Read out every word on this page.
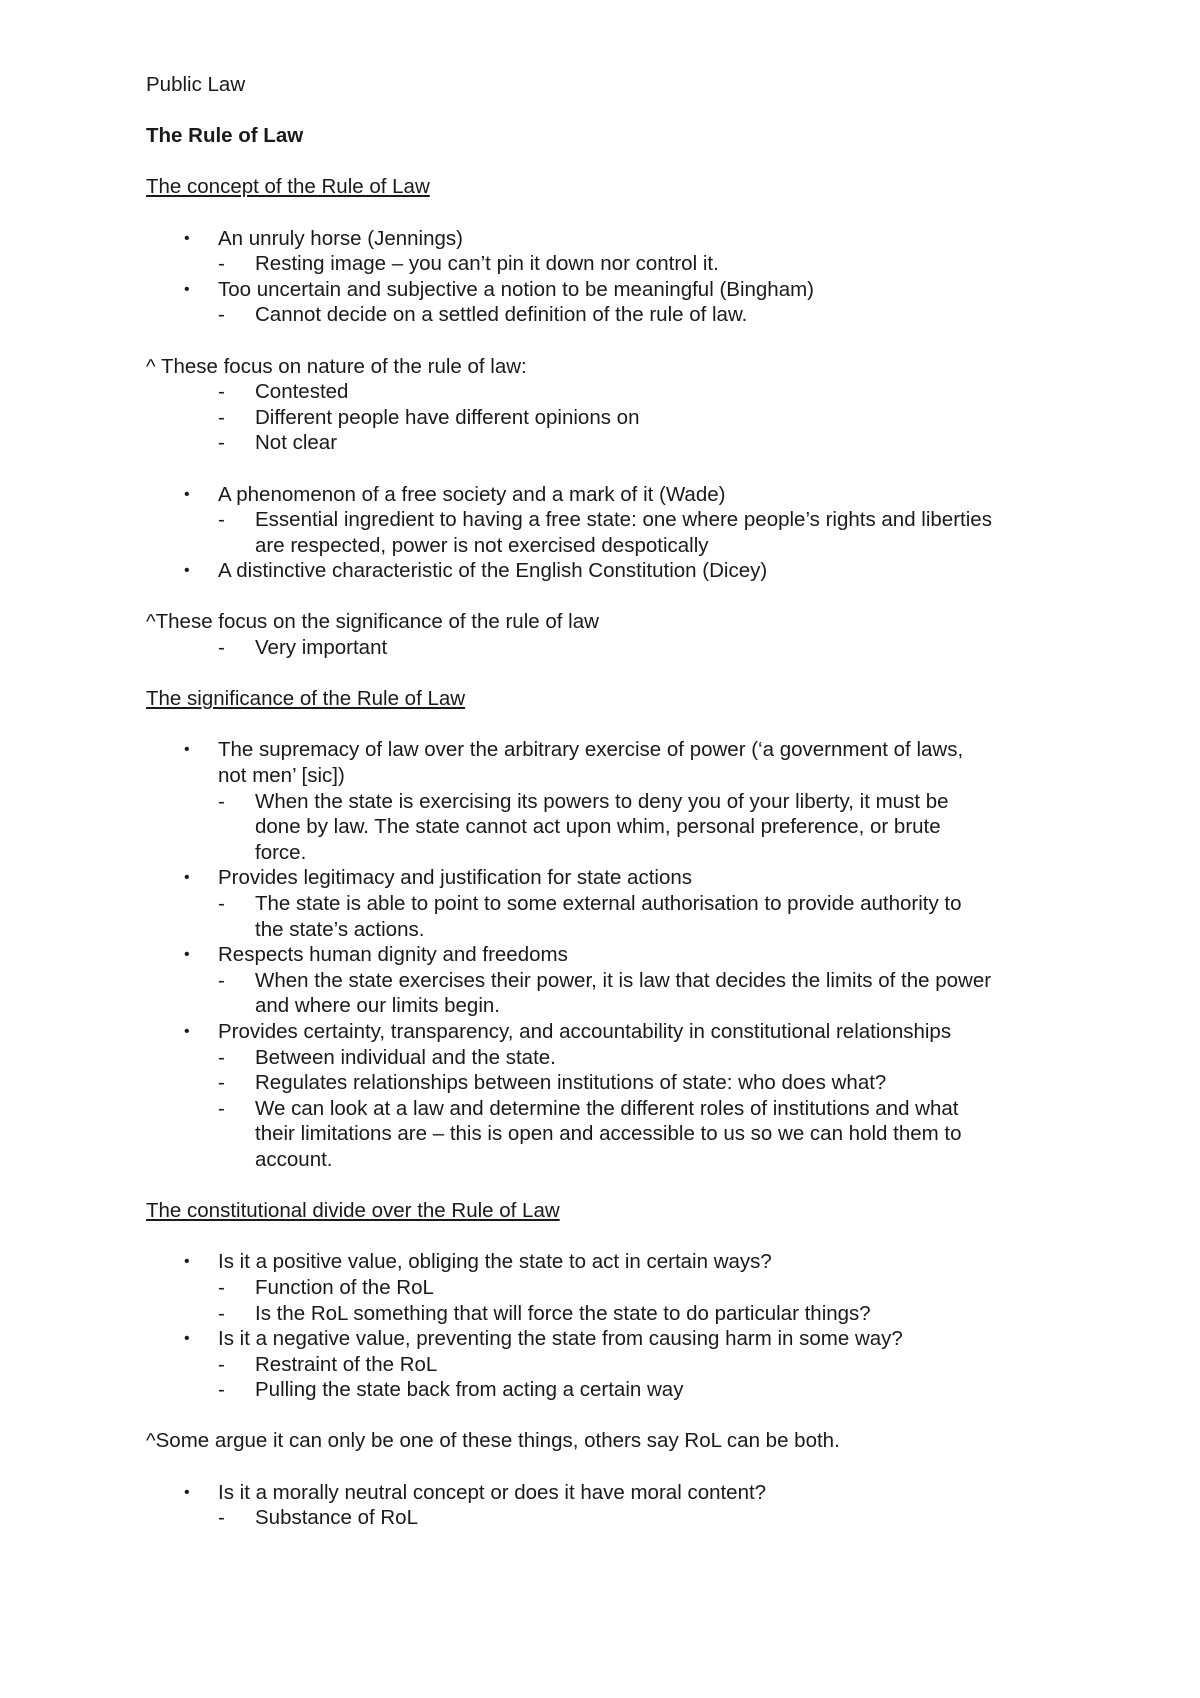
Public Law
The Rule of Law
The concept of the Rule of Law
• An unruly horse (Jennings)
- Resting image – you can’t pin it down nor control it.
• Too uncertain and subjective a notion to be meaningful (Bingham)
- Cannot decide on a settled definition of the rule of law.
^ These focus on nature of the rule of law:
- Contested
- Different people have different opinions on
- Not clear
• A phenomenon of a free society and a mark of it (Wade)
- Essential ingredient to having a free state: one where people’s rights and liberties
are respected, power is not exercised despotically
• A distinctive characteristic of the English Constitution (Dicey)
^These focus on the significance of the rule of law
- Very important
The significance of the Rule of Law
• The supremacy of law over the arbitrary exercise of power (‘a government of laws,
not men’ [sic])
- When the state is exercising its powers to deny you of your liberty, it must be
done by law. The state cannot act upon whim, personal preference, or brute
force.
• Provides legitimacy and justification for state actions
- The state is able to point to some external authorisation to provide authority to
the state’s actions.
• Respects human dignity and freedoms
- When the state exercises their power, it is law that decides the limits of the power
and where our limits begin.
• Provides certainty, transparency, and accountability in constitutional relationships
- Between individual and the state.
- Regulates relationships between institutions of state: who does what?
- We can look at a law and determine the different roles of institutions and what
their limitations are – this is open and accessible to us so we can hold them to
account.
The constitutional divide over the Rule of Law
• Is it a positive value, obliging the state to act in certain ways?
- Function of the RoL
- Is the RoL something that will force the state to do particular things?
• Is it a negative value, preventing the state from causing harm in some way?
- Restraint of the RoL
- Pulling the state back from acting a certain way
^Some argue it can only be one of these things, others say RoL can be both.
• Is it a morally neutral concept or does it have moral content?
- Substance of RoL
